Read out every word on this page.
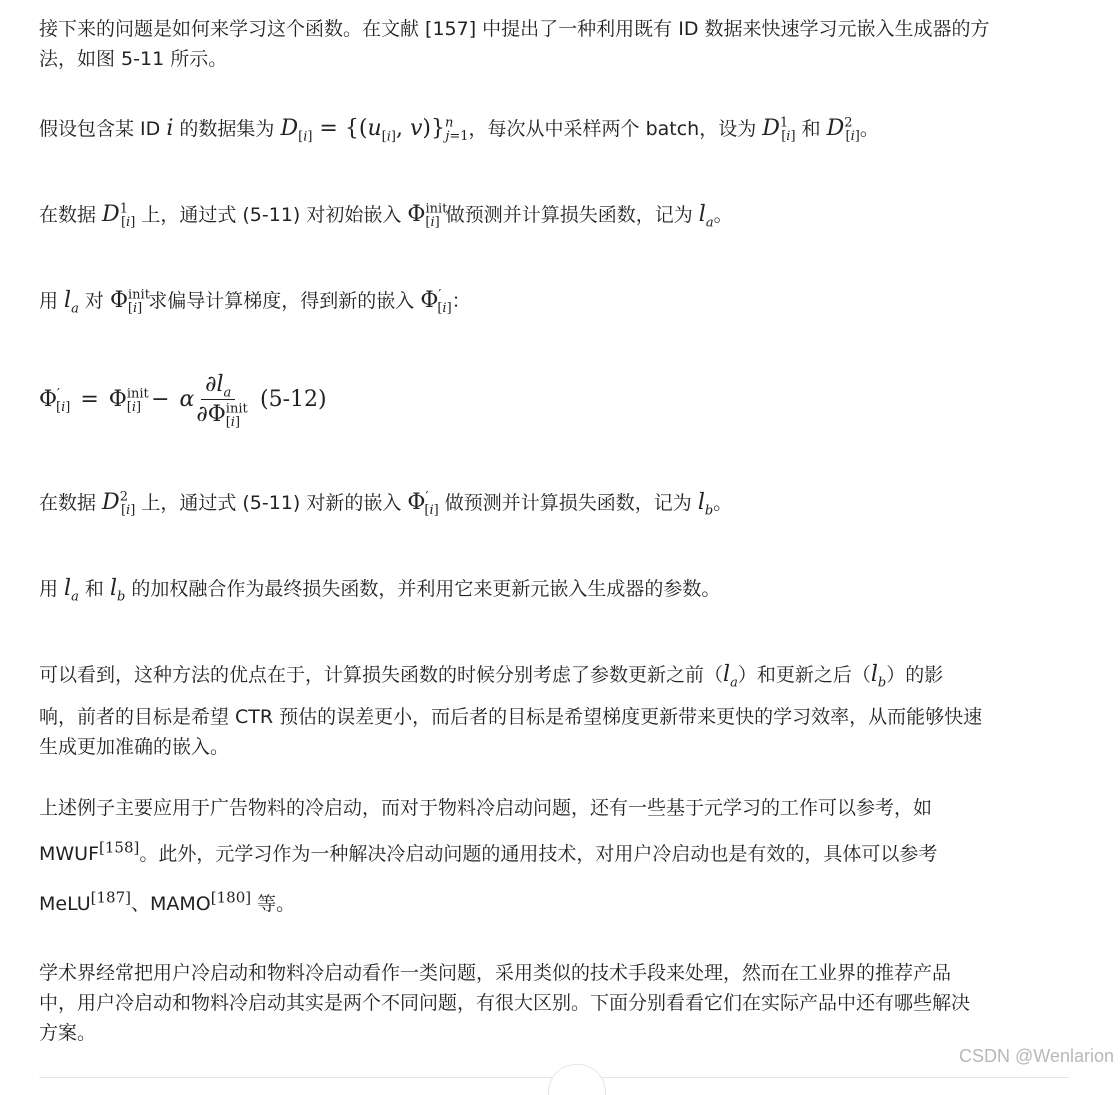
接下来的问题是如何来学习这个函数。在文献 [157] 中提出了一种利用既有 ID 数据来快速学习元嵌入生成器的方
法，如图 5-11 所示。
假设包含某 ID i 的数据集为 $D_{[i]} = \{(u_{[i]}$, v)}$^n_{j=1}$，每次从中采样两个 batch，设为 $D^1_{[i]}$ 和 $D^2_{[i]}$。
在数据 $D^1_{[i]}$ 上，通过式 (5-11) 对初始嵌入 $\Phi^{init}_{[i]}$ 做预测并计算损失函数，记为 $l_a$。
用 $l_a$ 对 $\Phi^{init}_{[i]}$ 求偏导计算梯度，得到新的嵌入 $\Phi'_{[i]}$：
$\Phi'_{[i]} = \Phi^{init}_{[i]} - \alpha \frac{\partial l_a}{\partial\Phi^{init}_{[i]}} (5-12)$
在数据 $D^2_{[i]}$ 上，通过式 (5-11) 对新的嵌入 $\Phi'_{[i]}$ 做预测并计算损失函数，记为 $l_b$。
用 $l_a$ 和 $l_b$ 的加权融合作为最终损失函数，并利用它来更新元嵌入生成器的参数。
可以看到，这种方法的优点在于，计算损失函数的时候分别考虑了参数更新之前$(l_a)$和更新之后$(l_b)$的影
响，前者的目标是希望 CTR 预估的误差更小，而后者的目标是希望梯度更新带来更快的学习效率，从而能够快速
生成更加准确的嵌入。
上述例子主要应用于广告物料的冷启动，而对于物料冷启动问题，还有一些基于元学习的工作可以参考，如
MWUF[158]。此外，元学习作为一种解决冷启动问题的通用技术，对用户冷启动也是有效的，具体可以参考
MeLU[187]、MAMO[180] 等。
学术界经常把用户冷启动和物料冷启动看作一类问题，采用类似的技术手段来处理，然而在工业界的推荐产品
中，用户冷启动和物料冷启动其实是两个不同问题，有很大区别。下面分别看看它们在实际产品中还有哪些解决
方案。
CSDN @Wenlarion
